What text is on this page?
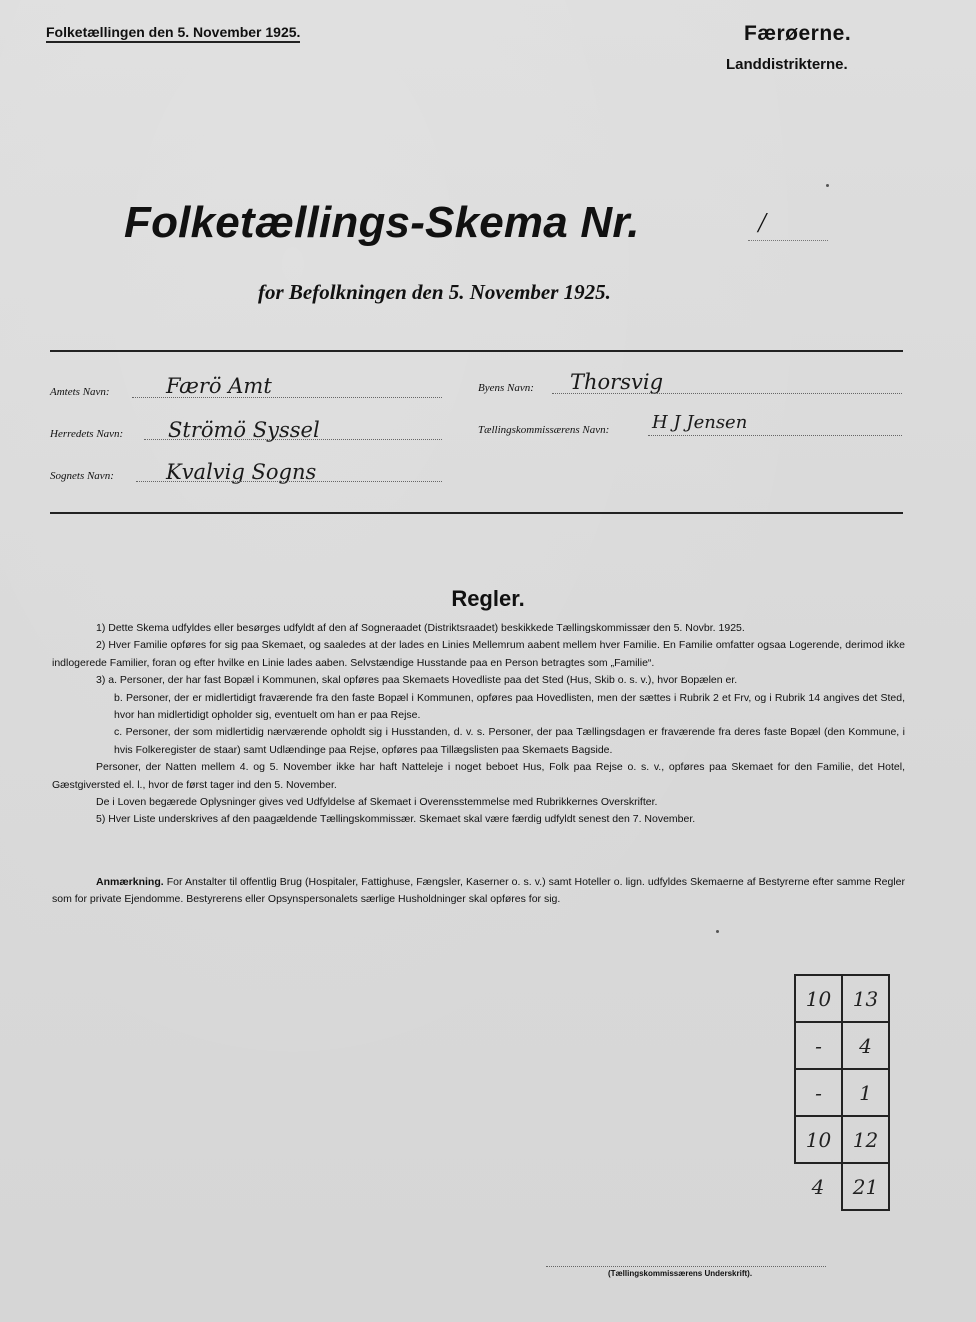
Folketællingen den 5. November 1925.	Færøerne.
Landdistrikterne.
Folketællings-Skema Nr.	/
for Befolkningen den 5. November 1925.
Amtets Navn:	Færö Amt
Herredets Navn: Strömö Syssel
Sognets Navn: Kvalvig Sogns
Byens Navn: Thorsvig
Tællingskommissærens Navn: H J Jensen
Regler.

1) Dette Skema udfyldes eller besørges udfyldt af den af Sogneraadet (Distriktsraadet) beskikkede Tællingskommissær den 5. Novbr. 1925.

2) Hver Familie opføres for sig paa Skemaet, og saaledes at der lades en Linies Mellemrum aabent mellem hver Familie. En Familie omfatter ogsaa Logerende, derimod ikke indlogerede Familier, foran og efter hvilke en Linie lades aaben. Selvstændige Husstande paa en Person betragtes som „Familie“.

3) a. Personer, der har fast Bopæl i Kommunen, skal opføres paa Skemaets Hovedliste paa det Sted (Hus, Skib o. s. v.), hvor Bopælen er.

b. Personer, der er midlertidigt fraværende fra den faste Bopæl i Kommunen, opføres paa Hovedlisten, men der sættes i Rubrik 2 et Frv, og i Rubrik 14 angives det Sted, hvor han midlertidigt opholder sig, eventuelt om han er paa Rejse.

c. Personer, der som midlertidig nærværende opholdt sig i Husstanden, d. v. s. Personer, der paa Tællingsdagen er fraværende fra deres faste Bopæl (den Kommune, i hvis Folkeregister de staar) samt Udlændinge paa Rejse, opføres paa Tillægslisten paa Skemaets Bagside.

Personer, der Natten mellem 4. og 5. November ikke har haft Natteleje i noget beboet Hus, Folk paa Rejse o. s. v., opføres paa Skemaet for den Familie, det Hotel, Gæstgiversted el. l., hvor de først tager ind den 5. November.

De i Loven begærede Oplysninger gives ved Udfyldelse af Skemaet i Overensstemmelse med Rubrikkernes Overskrifter.

5) Hver Liste underskrives af den paagældende Tællingskommissær. Skemaet skal være færdig udfyldt senest den 7. November.

Anmærkning. For Anstalter til offentlig Brug (Hospitaler, Fattighuse, Fængsler, Kaserner o. s. v.) samt Hoteller o. lign. udfyldes Skemaerne af Bestyrerne efter samme Regler som for private Ejendomme. Bestyrerens eller Opsynspersonalets særlige Husholdninger skal opføres for sig.
10	13
-	4
-	1
10	12
4	21
(Tællingskommissærens Underskrift).
